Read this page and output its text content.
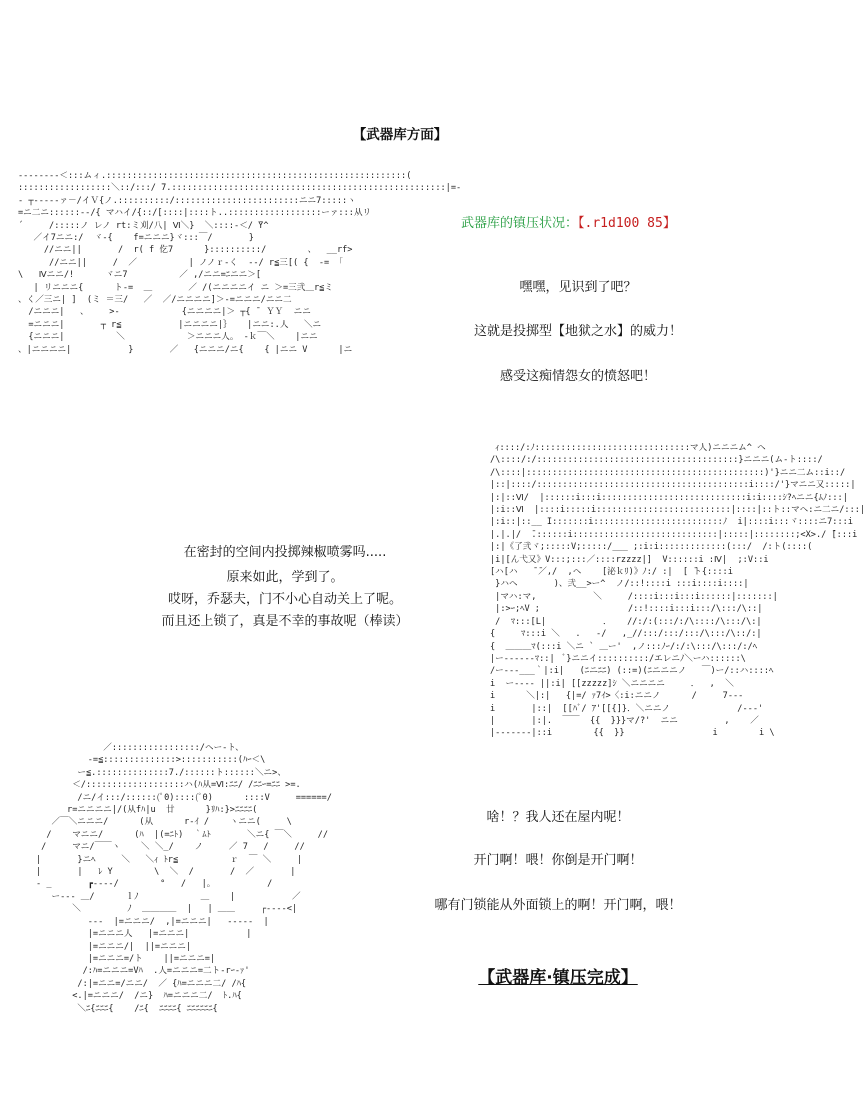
【武器库方面】
-‐‐‐‐‐‐‐＜:::ムィ.::::::::::::::::::::::::::::::::::::::::::::::::::::::::::(
::::::::::::::::::＼::/:::/ ̄7.:::::::::::::::::::::::::::::::::::::::::::::::::::::|=-
- ┬‐‐‐‐‐ァ－/イＶ{ノ.::::::::::/::::::::::::::::::::::::ニニ7:::::ヽ
=ニ二ニ::::::‐‐/{ マハイ/{::/[::::|::::ト..::::::::::::::::::ーァ:::从リ
´     /:::::ノ レノ rt:ミ刈/八| Ⅵ＼}  ＼::::‐＜/ ̄Y^
／イ7ニニ:/  ヾ‐{    f=ニニニ}ヾ:::￣/       }
//ニニ||       /  r( f 仡7      }::::::::::/        、  __rf>
//ニニ||     /  ／          | ノノｒ‐く  ‐‐/ r≦三[( {  -= 「
\   Ⅳニニ/!      ヾニ7          ／ ,/ニニ=ﾆニニ＞[
| リニニニ{      ト‐=  ＿       ／ /(ニニニニイ ニ ＞=三弐＿r≦ミ
、く／三ニ| ]  (ミ ＝三/   ／  ／/ニニニニ]＞‐=ニニニ/ニニ二
/ニニニ|   、    >-            {ニニニニ|＞ ┬{ ̄  ＹＹ  ニニ
=ニニニ|       ┬ r≦           |ニニニニ|｝   |ニニ:.人   ＼ニ
{ニニニ|          ＼            ＞ニニニ人。 ‐ｋ￣＼    |ニニ
、|ニニニニ|           }       ／   {ニニニ/ニ{    { |ニニ V      |ニ
武器库的镇压状况：【.r1d100 85】
嘿嘿，见识到了吧？
这就是投掷型【地狱之水】的威力！
感受这痴情怨女的愤怒吧！
在密封的空间内投掷辣椒喷雾吗.....
原来如此，学到了。
哎呀，乔瑟夫，门不小心自动关上了呢。
而且还上锁了，真是不幸的事故呢（棒读）
ｨ::::/:ﾉ::::::::::::::::::::::::::::::マ人)ニニニム^ ヘ
/\::::/:/:::::::::::::::::::::::::::::::::::::::}ニニニ(ム‐ト::::/
/\::::|::::::::::::::::::::::::::::::::::::::::::::::)'}ニニ二ム::i::/
|::|::::/:::::::::::::::::::::::::::::::::::::::::i::::/'}マニニ又:::::|
|:|::Ⅵ/  |::::::i:::i::::::::::::::::::::::::::::i:i::::ｼ?ﾍニニ{ﾑﾉ:::|
|:i::Ⅵ  |::::i:::::i::::::::::::::::::::::::::|::::|::ト::マヘ:ニ二ニ/:::|
|:i::|::__ I:::::::i:::::::::::::::::::::::::ﾉ  i|::::i:::ヾ::::ニ7:::i
|.|.|/  ̄.::::::i::::::::::::::::::::::::::::|:::::|::::::::;<X>./ ̄[:::i
|:|《了弐ヾ;:::::V;:::::/___ ;:i:i:::::::::::::(:::/  /:ト(::::(
|i|[ん弋又》V:::;:::／::::rzzzz|]  V::::::i :Ⅳ|  ;:V::i
[ハ[ハ   ̄ ̄／,/  ,ヘ    [泌ｋﾘ)》ﾉ:/ :|  [ ̄ト{::::i
}ハヘ       )、弐__>ー^  ノ/::!::::i :::i::::i::::|
|マハ:マ,           ＼     /::::i:::i:::i::::::|:::::::|
|:>ｰ;ﾍV ;                 /::!::::i:::i:::/\:::/\::|
/  ﾏ:::[L|           ．   //:/:(:::/:/\::::/\:::/\:|
{     ﾏ:::i ＼   .   ‐/   ,_//:::/:::/:::/\:::/\::/:|
{  ＿＿＿ﾏ(:::i ＼ニ ` ＿ー'  ,ノ:::ﾉｰ/:/:\:::/\:::/:/ﾍ
|ー‐‐‐‐‐‐ﾏ::|  ﾞ}ニニイ::::::::::/エレニﾉ＼ーハ::::::\
/ー‐‐‐___｀|:i|   (ﾆニﾆﾆ) (::=)(ﾆニニニノ   ￣)ー/::ハ::::ﾍ
i  ー‐‐‐‐ ||:i| [[zzzzz]ｼ ＼ニニニニ     ．  ,  ＼
i      ＼|:|   {|=/ ｧ7ｲ>〈:i:ニニノ      /     7‐‐‐
i       |::|  [[ﾊﾞ/ ｱ'[[{]}．＼ニニノ             /‐‐‐'
|       |:|.  ￣￣  {{  }}}マ/?'  ニニ         ,    ／
|-------|::i        {{  }}                 i        i \
／:::::::::::::::::/ヘー-ト、
-=≦::::::::::::::>:::::::::::(ﾊｰ＜\
ー≦.::::::::::::::7./::::::ト::::::＼ニ>、
＜/:::::::::::::::::::ハ(ﾊ从=Ⅵ:ﾆﾆ/ /ﾆﾆｰ=ﾆﾆ >=.
/ニ/イ:::/::::::(ﾟ0)::::(ﾟ0)      ::::V     ======/
r=ニニニニ|/(从fﾊ|u  廿      }ﾘﾊ:}>ﾆﾆﾆﾆ(
／￣＼ニニニ/      (从      r‐ｲ /    ヽニニ(     \
/    マニニ/      (ﾊ  |(=ﾆﾄ)  ｀ﾑﾄ       ＼ニ{ ￣＼     //
/     マニ/￣￣ヽ    ＼ ＼_/    ノ     ／ 7   /     //
|       }ニﾍ     ＼   ＼ｨ ﾄr≦          ｒ  ￣ ＼     |
|       |   ﾚ Y        \  ＼  /       /  ／       |
- _       ┏‐‐‐‐/        °   /   |。          /
ー‐‐‐ ＿/      ｌﾉ            ＿    |           ／
＼         ﾉ  ＿＿＿＿  |   | ＿＿     ┌‐‐‐‐<|
‐‐‐  |=ニニニ/  ,|=ニニニ|   ‐‐‐‐‐  |
|=ニニニ人   |=ニニニ|           |
|=ニニニ/|  ||=ニニニ|
|=ニニニ=/ト    ||=ニニニ=|
/:ﾊ=ニニニ=Vﾊ  .人=ニニニ=二ト‐rｰ‐ｧ'
/:|=ニニ=/ニニ/  ／ {ﾊ=ニニニ二/ /ﾊ{
<.|=ニニニ/  /ニ}  ﾊ=ニニニ二/  ﾄ.ﾊ{
＼ﾆ{ﾆﾆﾆ{    /ﾆ{  ﾆﾆﾆﾆ{ ﾆﾆﾆﾆﾆﾆ{
啥！？我人还在屋内呢！
开门啊！喂！你倒是开门啊！
哪有门锁能从外面锁上的啊！开门啊，喂！
【武器库·镇压完成】
